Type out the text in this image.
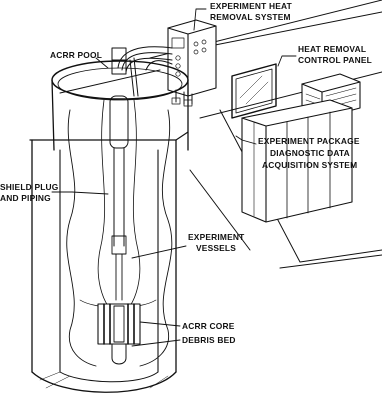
EXPERIMENT HEAT
REMOVAL SYSTEM
ACRR POOL
HEAT REMOVAL
CONTROL PANEL
EXPERIMENT PACKAGE
DIAGNOSTIC DATA
ACQUISITION SYSTEM
SHIELD PLUG
AND PIPING
EXPERIMENT
VESSELS
ACRR CORE
DEBRIS BED
